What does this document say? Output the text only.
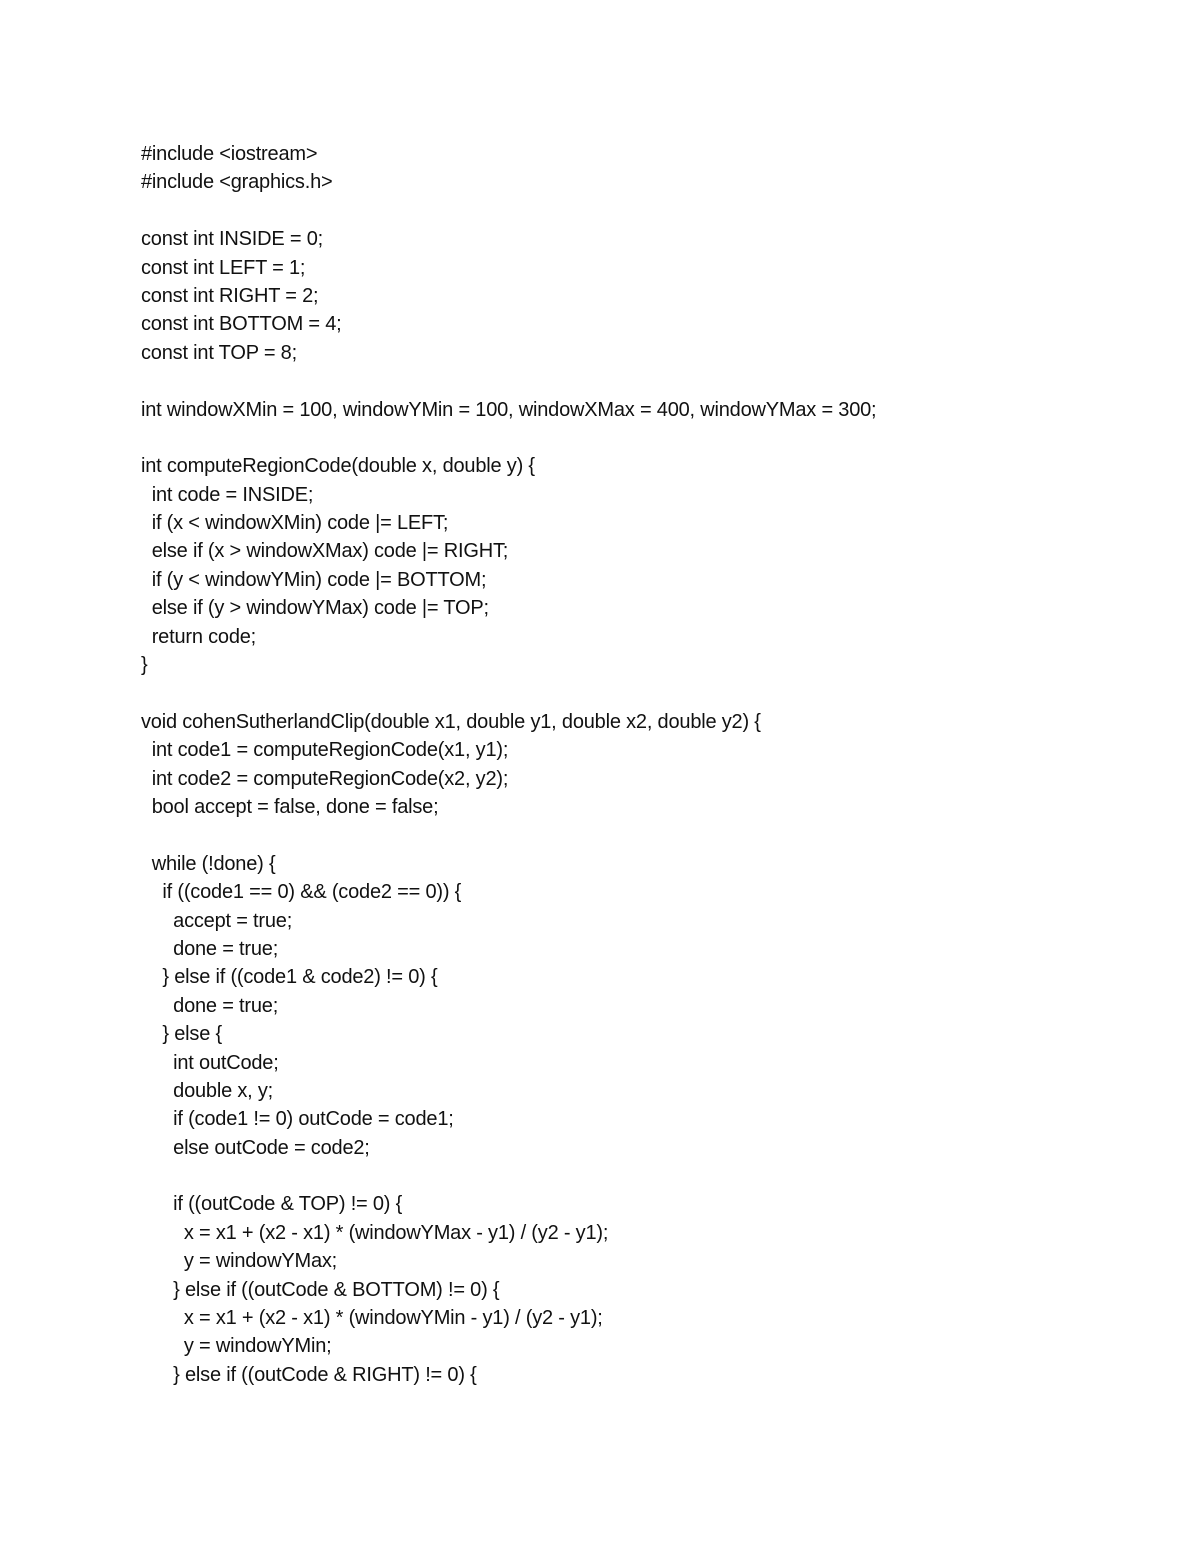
#include <iostream>
#include <graphics.h>
const int INSIDE = 0;
const int LEFT = 1;
const int RIGHT = 2;
const int BOTTOM = 4;
const int TOP = 8;
int windowXMin = 100, windowYMin = 100, windowXMax = 400, windowYMax = 300;
int computeRegionCode(double x, double y) {
int code = INSIDE;
if (x < windowXMin) code |= LEFT;
else if (x > windowXMax) code |= RIGHT;
if (y < windowYMin) code |= BOTTOM;
else if (y > windowYMax) code |= TOP;
return code;
}
void cohenSutherlandClip(double x1, double y1, double x2, double y2) {
int code1 = computeRegionCode(x1, y1);
int code2 = computeRegionCode(x2, y2);
bool accept = false, done = false;
while (!done) {
if ((code1 == 0) && (code2 == 0)) {
accept = true;
done = true;
} else if ((code1 & code2) != 0) {
done = true;
} else {
int outCode;
double x, y;
if (code1 != 0) outCode = code1;
else outCode = code2;
if ((outCode & TOP) != 0) {
x = x1 + (x2 - x1) * (windowYMax - y1) / (y2 - y1);
y = windowYMax;
} else if ((outCode & BOTTOM) != 0) {
x = x1 + (x2 - x1) * (windowYMin - y1) / (y2 - y1);
y = windowYMin;
} else if ((outCode & RIGHT) != 0) {
